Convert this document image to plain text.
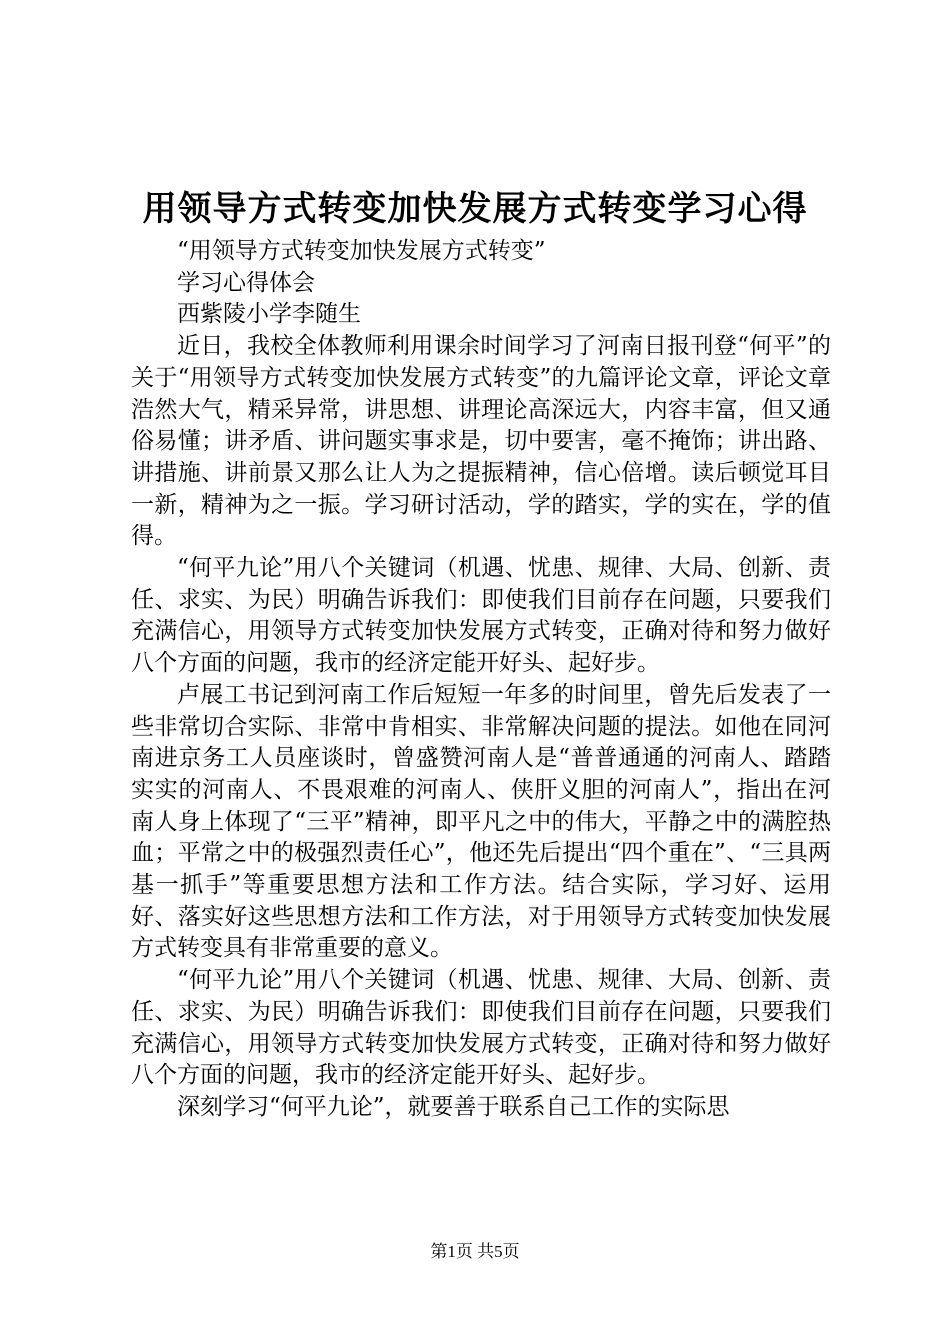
用领导方式转变加快发展方式转变学习心得

“用领导方式转变加快发展方式转变”

学习心得体会

西紫陵小学李随生

近日，我校全体教师利用课余时间学习了河南日报刊登“何平”的关于“用领导方式转变加快发展方式转变”的九篇评论文章，评论文章浩然大气，精采异常，讲思想、讲理论高深远大，内容丰富，但又通俗易懂；讲矛盾、讲问题实事求是，切中要害，毫不掩饰；讲出路、讲措施、讲前景又那么让人为之提振精神，信心倍增。读后顿觉耳目一新，精神为之一振。学习研讨活动，学的踏实，学的实在，学的值得。

“何平九论”用八个关键词（机遇、忧患、规律、大局、创新、责任、求实、为民）明确告诉我们：即使我们目前存在问题，只要我们充满信心，用领导方式转变加快发展方式转变，正确对待和努力做好八个方面的问题，我市的经济定能开好头、起好步。

卢展工书记到河南工作后短短一年多的时间里，曾先后发表了一些非常切合实际、非常中肯相实、非常解决问题的提法。如他在同河南进京务工人员座谈时，曾盛赞河南人是“普普通通的河南人、踏踏实实的河南人、不畏艰难的河南人、侠肝义胆的河南人”，指出在河南人身上体现了“三平”精神，即平凡之中的伟大，平静之中的满腔热血；平常之中的极强烈责任心”，他还先后提出“四个重在”、“三具两基一抓手”等重要思想方法和工作方法。结合实际，学习好、运用好、落实好这些思想方法和工作方法，对于用领导方式转变加快发展方式转变具有非常重要的意义。

“何平九论”用八个关键词（机遇、忧患、规律、大局、创新、责任、求实、为民）明确告诉我们：即使我们目前存在问题，只要我们充满信心，用领导方式转变加快发展方式转变，正确对待和努力做好八个方面的问题，我市的经济定能开好头、起好步。

深刻学习“何平九论”，就要善于联系自己工作的实际思

第1页 共5页
